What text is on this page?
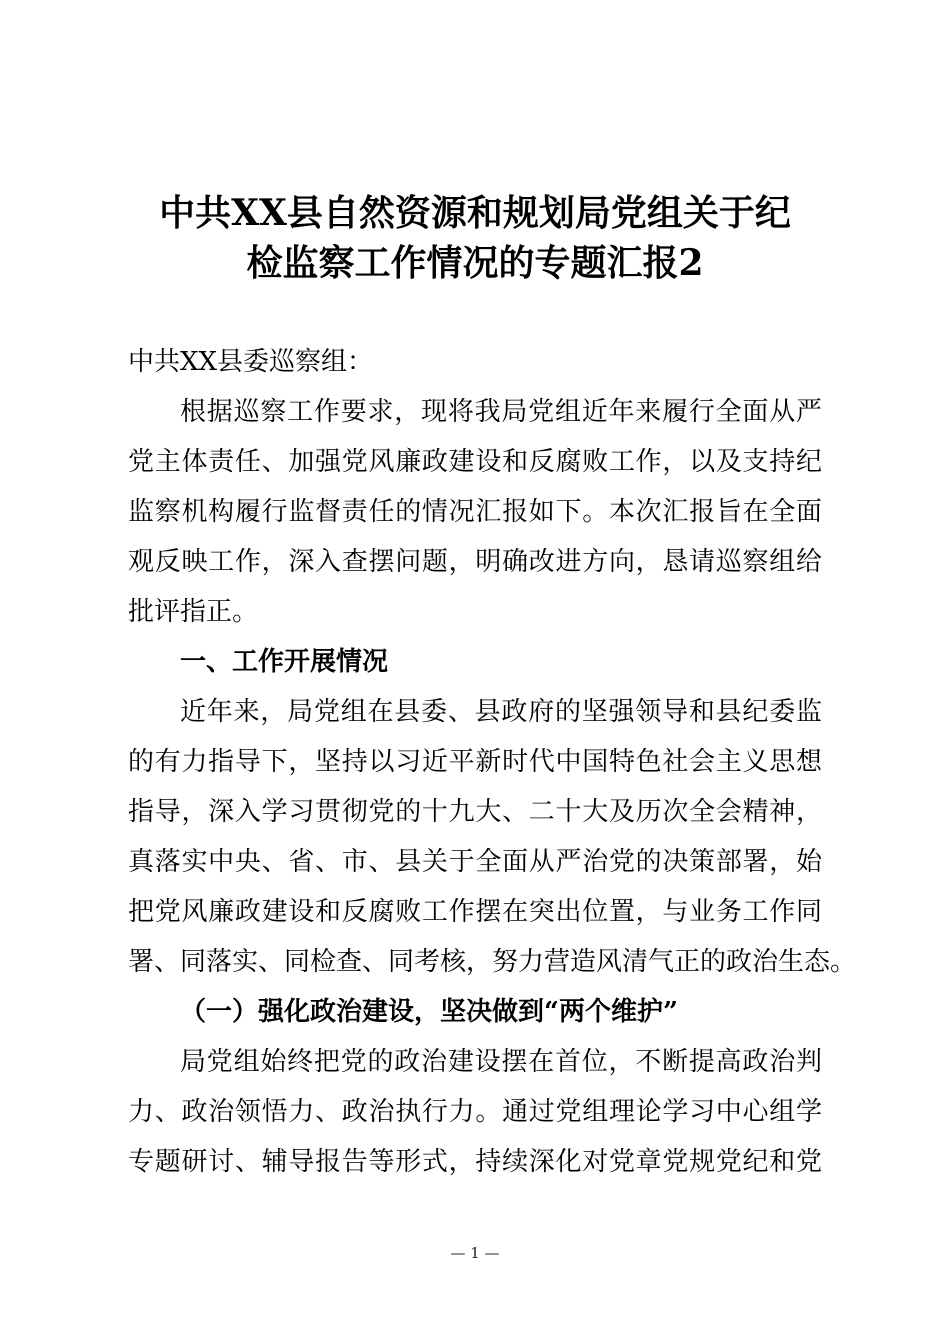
中共XX县自然资源和规划局党组关于纪
检监察工作情况的专题汇报2
中共XX县委巡察组：
根据巡察工作要求，现将我局党组近年来履行全面从严
党主体责任、加强党风廉政建设和反腐败工作，以及支持纪
监察机构履行监督责任的情况汇报如下。本次汇报旨在全面
观反映工作，深入查摆问题，明确改进方向，恳请巡察组给
批评指正。
一、工作开展情况
近年来，局党组在县委、县政府的坚强领导和县纪委监
的有力指导下，坚持以习近平新时代中国特色社会主义思想
指导，深入学习贯彻党的十九大、二十大及历次全会精神，
真落实中央、省、市、县关于全面从严治党的决策部署，始
把党风廉政建设和反腐败工作摆在突出位置，与业务工作同
署、同落实、同检查、同考核，努力营造风清气正的政治生态。
（一）强化政治建设，坚决做到“两个维护”
局党组始终把党的政治建设摆在首位，不断提高政治判
力、政治领悟力、政治执行力。通过党组理论学习中心组学
专题研讨、辅导报告等形式，持续深化对党章党规党纪和党
— 1 —
